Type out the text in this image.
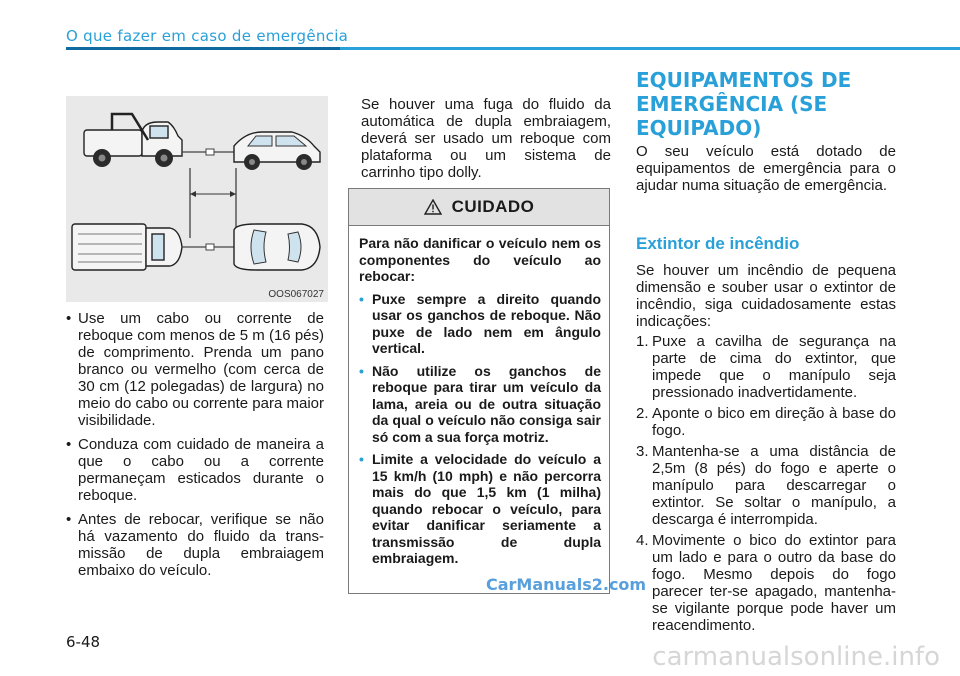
O que fazer em caso de emergência
OOS067027
• Use um cabo ou corrente de reboque com menos de 5 m (16 pés) de comprimento. Prenda um pano branco ou vermelho (com cerca de 30 cm (12 polegadas) de largura) no meio do cabo ou corrente para maior visibilidade.
• Conduza com cuidado de maneira a que o cabo ou a corrente permaneçam esticados durante o reboque.
• Antes de rebocar, verifique se não há vazamento do fluido da trans-missão de dupla embraiagem embaixo do veículo.
Se houver uma fuga do fluido da automática de dupla embraiagem, deverá ser usado um reboque com plataforma ou um sistema de carrinho tipo dolly.
CUIDADO
Para não danificar o veículo nem os componentes do veículo ao rebocar:
• Puxe sempre a direito quando usar os ganchos de reboque. Não puxe de lado nem em ângulo vertical.
• Não utilize os ganchos de reboque para tirar um veículo da lama, areia ou de outra situação da qual o veículo não consiga sair só com a sua força motriz.
• Limite a velocidade do veículo a 15 km/h (10 mph) e não percorra mais do que 1,5 km (1 milha) quando rebocar o veículo, para evitar danificar seriamente a transmissão de dupla embraiagem.
CarManuals2.com
EQUIPAMENTOS DE EMERGÊNCIA (SE EQUIPADO)
O seu veículo está dotado de equipamentos de emergência para o ajudar numa situação de emergência.
Extintor de incêndio
Se houver um incêndio de pequena dimensão e souber usar o extintor de incêndio, siga cuidadosamente estas indicações:
1. Puxe a cavilha de segurança na parte de cima do extintor, que impede que o manípulo seja pressionado inadvertidamente.
2. Aponte o bico em direção à base do fogo.
3. Mantenha-se a uma distância de 2,5m (8 pés) do fogo e aperte o manípulo para descarregar o extintor. Se soltar o manípulo, a descarga é interrompida.
4. Movimente o bico do extintor para um lado e para o outro da base do fogo. Mesmo depois do fogo parecer ter-se apagado, mantenha-se vigilante porque pode haver um reacendimento.
6-48	carmanualsonline.info
